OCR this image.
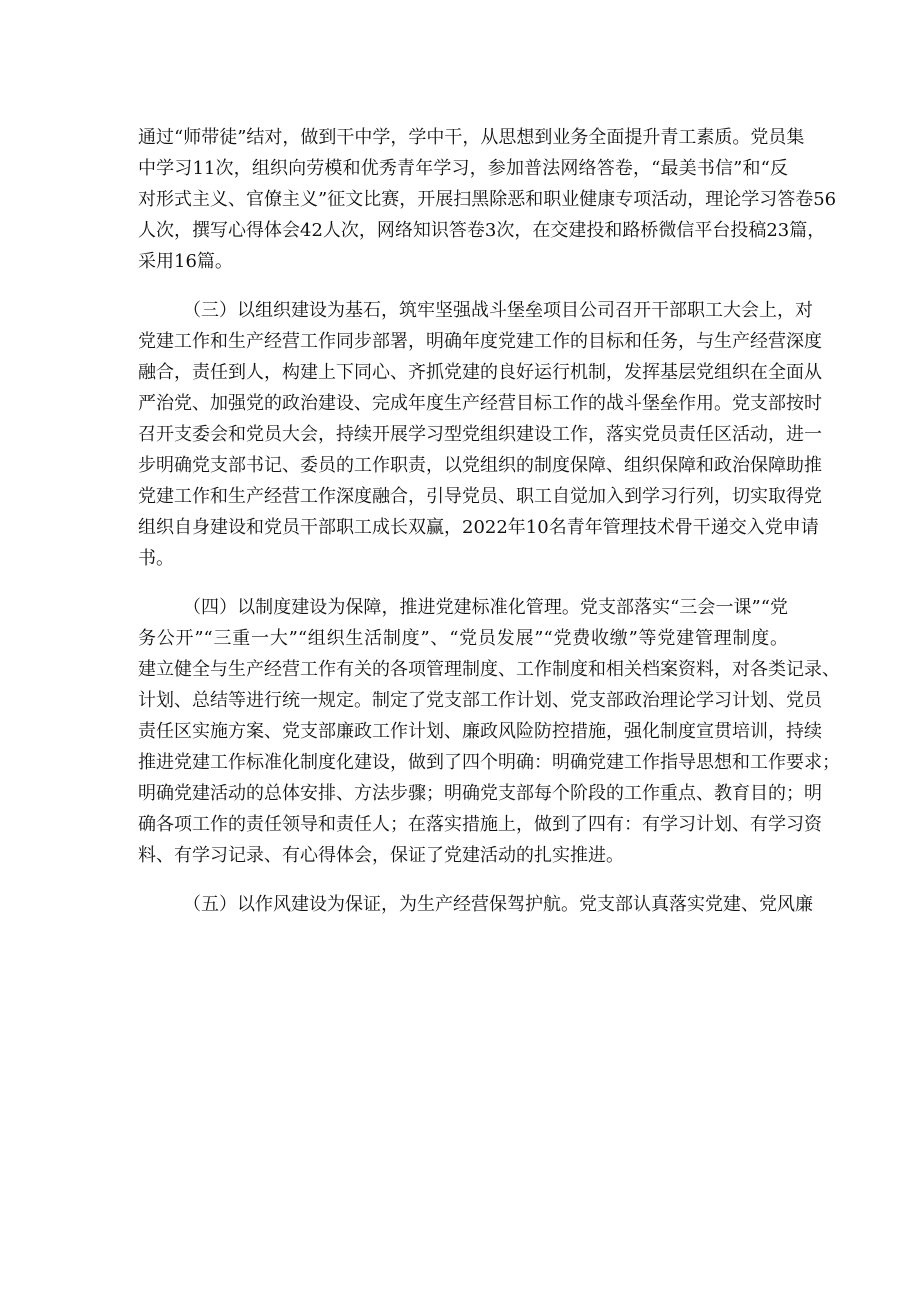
通过“师带徒”结对，做到干中学，学中干，从思想到业务全面提升青工素质。党员集
中学习11次，组织向劳模和优秀青年学习，参加普法网络答卷，“最美书信”和“反
对形式主义、官僚主义”征文比赛，开展扫黑除恶和职业健康专项活动，理论学习答卷56
人次，撰写心得体会42人次，网络知识答卷3次，在交建投和路桥微信平台投稿23篇，
采用16篇。
（三）以组织建设为基石，筑牢坚强战斗堡垒项目公司召开干部职工大会上，对
党建工作和生产经营工作同步部署，明确年度党建工作的目标和任务，与生产经营深度
融合，责任到人，构建上下同心、齐抓党建的良好运行机制，发挥基层党组织在全面从
严治党、加强党的政治建设、完成年度生产经营目标工作的战斗堡垒作用。党支部按时
召开支委会和党员大会，持续开展学习型党组织建设工作，落实党员责任区活动，进一
步明确党支部书记、委员的工作职责，以党组织的制度保障、组织保障和政治保障助推
党建工作和生产经营工作深度融合，引导党员、职工自觉加入到学习行列，切实取得党
组织自身建设和党员干部职工成长双赢，2022年10名青年管理技术骨干递交入党申请
书。
（四）以制度建设为保障，推进党建标准化管理。党支部落实“三会一课”“党
务公开”“三重一大”“组织生活制度”、“党员发展”“党费收缴”等党建管理制度。
建立健全与生产经营工作有关的各项管理制度、工作制度和相关档案资料，对各类记录、
计划、总结等进行统一规定。制定了党支部工作计划、党支部政治理论学习计划、党员
责任区实施方案、党支部廉政工作计划、廉政风险防控措施，强化制度宣贯培训，持续
推进党建工作标准化制度化建设，做到了四个明确：明确党建工作指导思想和工作要求；
明确党建活动的总体安排、方法步骤；明确党支部每个阶段的工作重点、教育目的；明
确各项工作的责任领导和责任人；在落实措施上，做到了四有：有学习计划、有学习资
料、有学习记录、有心得体会，保证了党建活动的扎实推进。
（五）以作风建设为保证，为生产经营保驾护航。党支部认真落实党建、党风廉
